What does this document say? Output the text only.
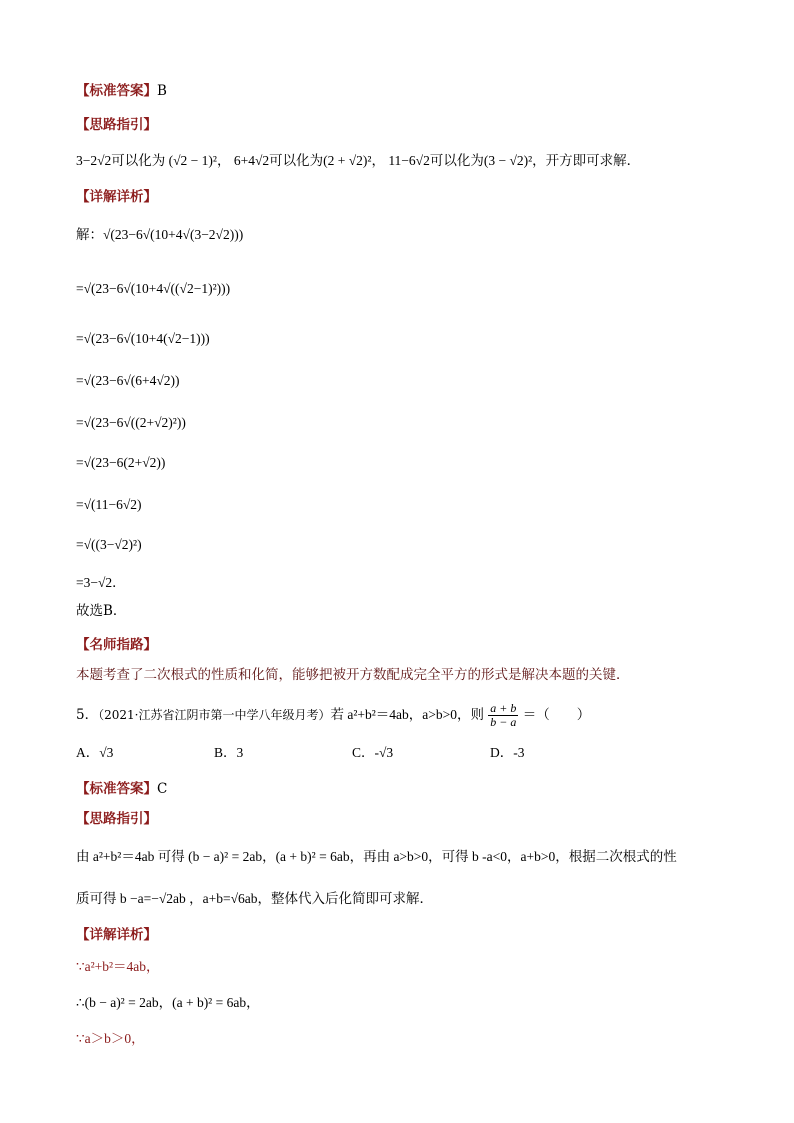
【标准答案】B
【思路指引】
3−2√2可以化为 (√2 − 1)²， 6+4√2可以化为(2 + √2)²， 11−6√2可以化为(3 − √2)²，开方即可求解．
【详解详析】
解：√(23−6√(10+4√(3−2√2)))
=√(23−6√(10+4√((√2−1)²)))
=√(23−6√(10+4(√2−1)))
=√(23−6√(6+4√2))
=√(23−6√((2+√2)²))
=√(23−6(2+√2))
=√(11−6√2)
=√((3−√2)²)
=3−√2．
故选B．
【名师指路】
本题考查了二次根式的性质和化简，能够把被开方数配成完全平方的形式是解决本题的关键．
5．（2021·江苏省江阴市第一中学八年级月考）若 a²+b²＝4ab，a>b>0，则 $\frac{a + b}{b - a}$ ＝（　　）
A．√3	B．3	C．-√3	D．-3
【标准答案】C
【思路指引】
由 a²+b²＝4ab 可得 (b − a)² = 2ab，(a + b)² = 6ab，再由 a>b>0，可得 b -a<0，a+b>0，根据二次根式的性
质可得 b −a=−√2ab ，a+b=√6ab，整体代入后化简即可求解．
【详解详析】
∵a²+b²＝4ab，
∴(b − a)² = 2ab，(a + b)² = 6ab，
∵a＞b＞0，
